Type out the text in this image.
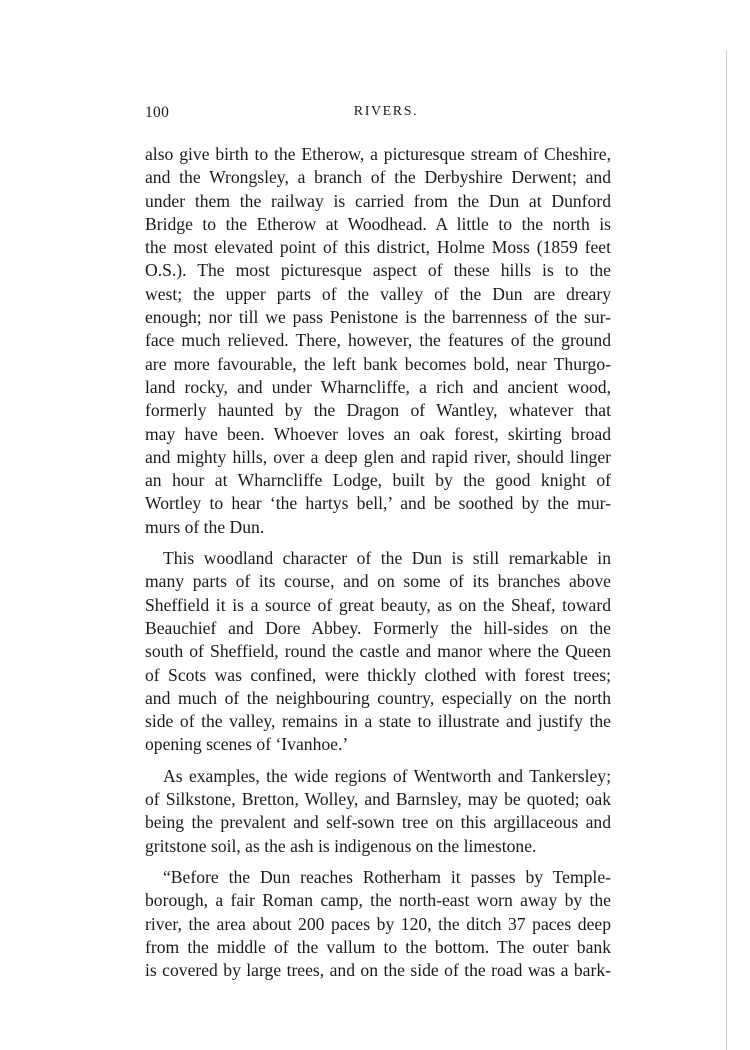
100	RIVERS.
also give birth to the Etherow, a picturesque stream of Cheshire,
and the Wrongsley, a branch of the Derbyshire Derwent; and
under them the railway is carried from the Dun at Dunford
Bridge to the Etherow at Woodhead. A little to the north is
the most elevated point of this district, Holme Moss (1859 feet
O.S.). The most picturesque aspect of these hills is to the
west; the upper parts of the valley of the Dun are dreary
enough; nor till we pass Penistone is the barrenness of the sur-
face much relieved. There, however, the features of the ground
are more favourable, the left bank becomes bold, near Thurgo-
land rocky, and under Wharncliffe, a rich and ancient wood,
formerly haunted by the Dragon of Wantley, whatever that
may have been. Whoever loves an oak forest, skirting broad
and mighty hills, over a deep glen and rapid river, should linger
an hour at Wharncliffe Lodge, built by the good knight of
Wortley to hear ‘the hartys bell,’ and be soothed by the mur-
murs of the Dun.
This woodland character of the Dun is still remarkable in
many parts of its course, and on some of its branches above
Sheffield it is a source of great beauty, as on the Sheaf, toward
Beauchief and Dore Abbey. Formerly the hill-sides on the
south of Sheffield, round the castle and manor where the Queen
of Scots was confined, were thickly clothed with forest trees;
and much of the neighbouring country, especially on the north
side of the valley, remains in a state to illustrate and justify the
opening scenes of ‘Ivanhoe.’
As examples, the wide regions of Wentworth and Tankersley;
of Silkstone, Bretton, Wolley, and Barnsley, may be quoted; oak
being the prevalent and self-sown tree on this argillaceous and
gritstone soil, as the ash is indigenous on the limestone.
“Before the Dun reaches Rotherham it passes by Temple-
borough, a fair Roman camp, the north-east worn away by the
river, the area about 200 paces by 120, the ditch 37 paces deep
from the middle of the vallum to the bottom. The outer bank
is covered by large trees, and on the side of the road was a bark-
